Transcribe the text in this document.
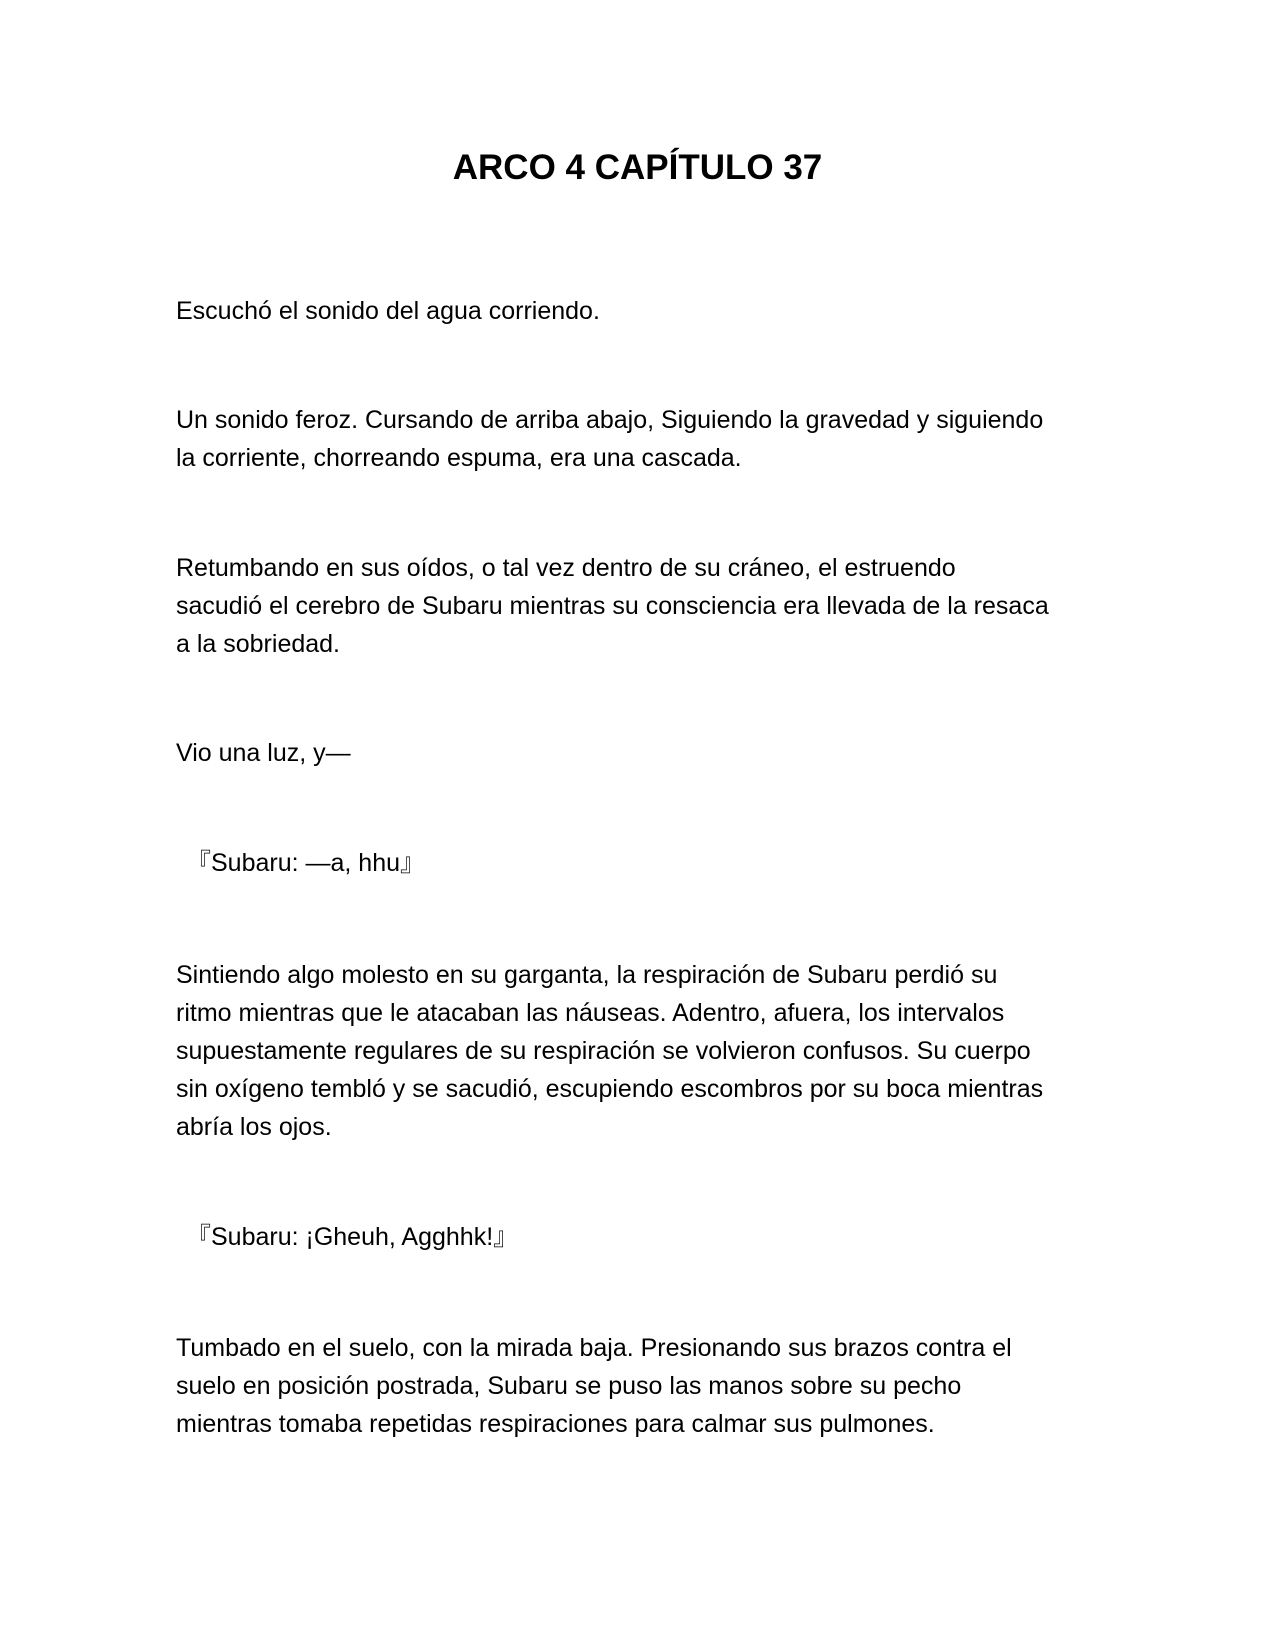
ARCO 4 CAPÍTULO 37

Escuchó el sonido del agua corriendo.

Un sonido feroz. Cursando de arriba abajo, Siguiendo la gravedad y siguiendo
la corriente, chorreando espuma, era una cascada.

Retumbando en sus oídos, o tal vez dentro de su cráneo, el estruendo
sacudió el cerebro de Subaru mientras su consciencia era llevada de la resaca
a la sobriedad.

Vio una luz, y—

『Subaru: —a, hhu』

Sintiendo algo molesto en su garganta, la respiración de Subaru perdió su
ritmo mientras que le atacaban las náuseas. Adentro, afuera, los intervalos
supuestamente regulares de su respiración se volvieron confusos. Su cuerpo
sin oxígeno tembló y se sacudió, escupiendo escombros por su boca mientras
abría los ojos.

『Subaru: ¡Gheuh, Agghhk!』

Tumbado en el suelo, con la mirada baja. Presionando sus brazos contra el
suelo en posición postrada, Subaru se puso las manos sobre su pecho
mientras tomaba repetidas respiraciones para calmar sus pulmones.
